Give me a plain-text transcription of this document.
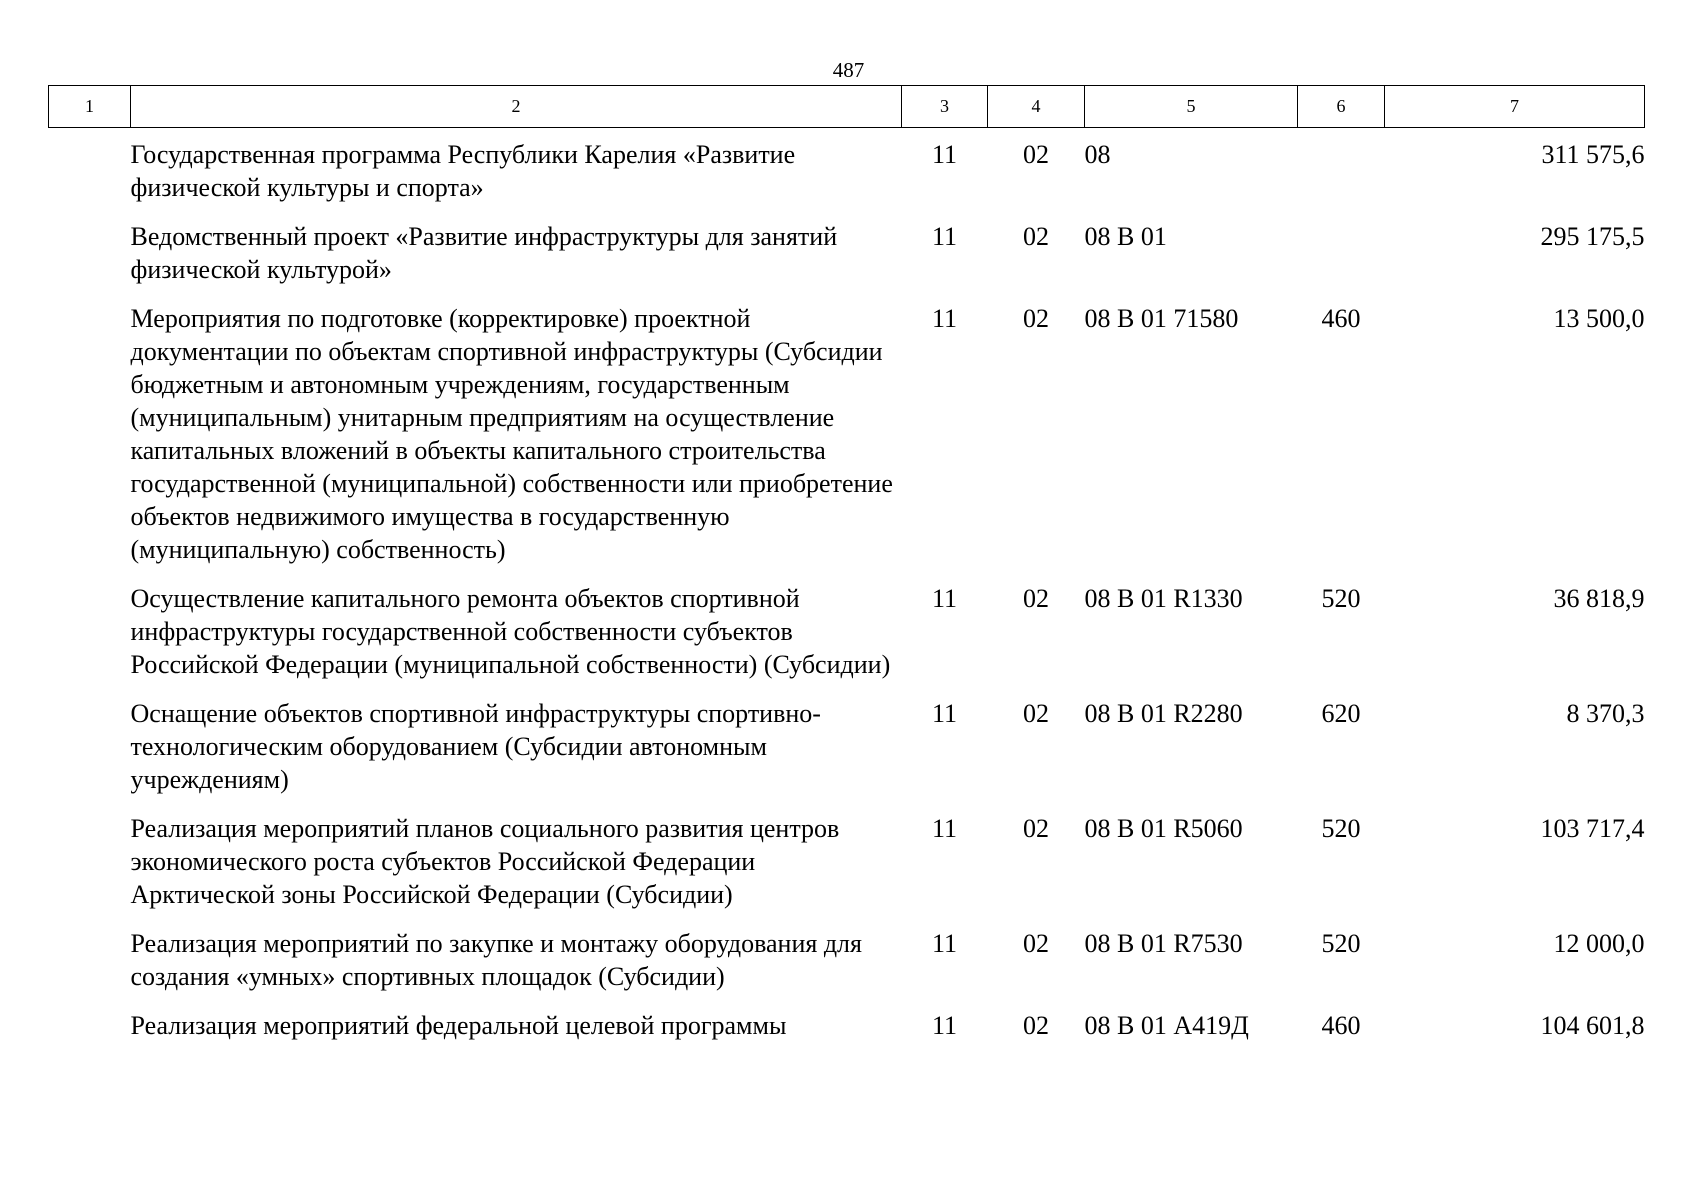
487
1	2	3	4	5	6	7

	Государственная программа Республики Карелия «Развитие физической культуры и спорта»	11	02	08		311 575,6
	Ведомственный проект «Развитие инфраструктуры для занятий физической культурой»	11	02	08 В 01		295 175,5
	Мероприятия по подготовке (корректировке) проектной документации по объектам спортивной инфраструктуры (Субсидии бюджетным и автономным учреждениям, государственным (муниципальным) унитарным предприятиям на осуществление капитальных вложений в объекты капитального строительства государственной (муниципальной) собственности или приобретение объектов недвижимого имущества в государственную (муниципальную) собственность)	11	02	08 В 01 71580	460	13 500,0
	Осуществление капитального ремонта объектов спортивной инфраструктуры государственной собственности субъектов Российской Федерации (муниципальной собственности) (Субсидии)	11	02	08 В 01 R1330	520	36 818,9
	Оснащение объектов спортивной инфраструктуры спортивно-технологическим оборудованием (Субсидии автономным учреждениям)	11	02	08 В 01 R2280	620	8 370,3
	Реализация мероприятий планов социального развития центров экономического роста субъектов Российской Федерации Арктической зоны Российской Федерации (Субсидии)	11	02	08 В 01 R5060	520	103 717,4
	Реализация мероприятий по закупке и монтажу оборудования для создания «умных» спортивных площадок (Субсидии)	11	02	08 В 01 R7530	520	12 000,0
	Реализация мероприятий федеральной целевой программы	11	02	08 В 01 А419Д	460	104 601,8
